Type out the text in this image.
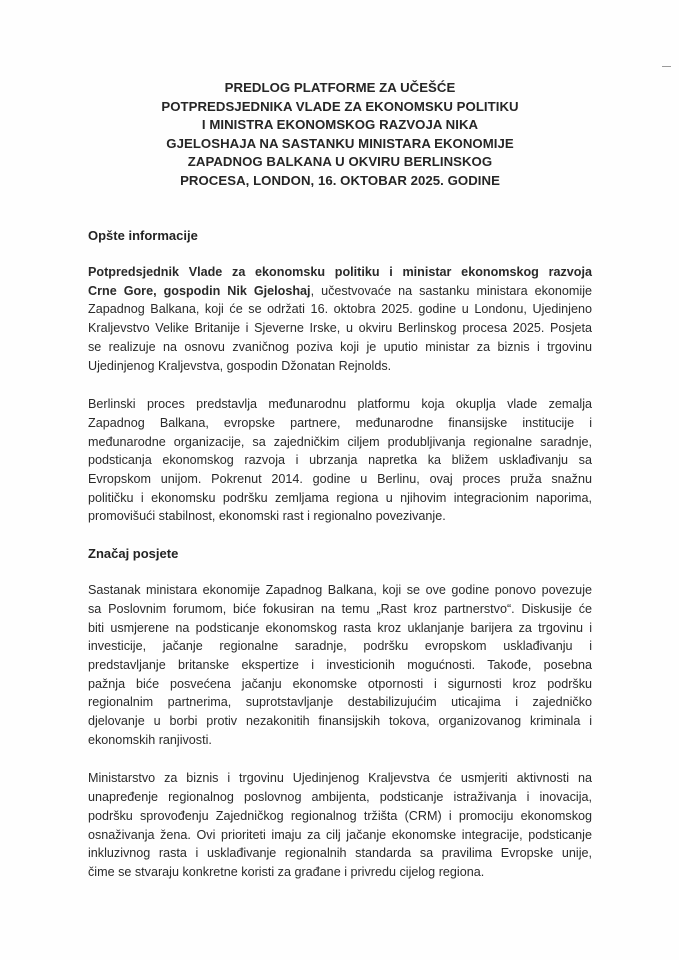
PREDLOG PLATFORME ZA UČEŠĆE
POTPREDSJEDNIKA VLADE ZA EKONOMSKU POLITIKU
I MINISTRA EKONOMSKOG RAZVOJA NIKA
GJELOSHAJA NA SASTANKU MINISTARA EKONOMIJE
ZAPADNOG BALKANA U OKVIRU BERLINSKOG
PROCESA, LONDON, 16. OKTOBAR 2025. GODINE
Opšte informacije

Potpredsjednik Vlade za ekonomsku politiku i ministar ekonomskog razvoja
Crne Gore, gospodin Nik Gjeloshaj, učestvovaće na sastanku ministara ekonomije
Zapadnog Balkana, koji će se održati 16. oktobra 2025. godine u Londonu, Ujedinjeno
Kraljevstvo Velike Britanije i Sjeverne Irske, u okviru Berlinskog procesa 2025. Posjeta
se realizuje na osnovu zvaničnog poziva koji je uputio ministar za biznis i trgovinu
Ujedinjenog Kraljevstva, gospodin Džonatan Rejnolds.

Berlinski proces predstavlja međunarodnu platformu koja okuplja vlade zemalja
Zapadnog Balkana, evropske partnere, međunarodne finansijske institucije i
međunarodne organizacije, sa zajedničkim ciljem produbljivanja regionalne saradnje,
podsticanja ekonomskog razvoja i ubrzanja napretka ka bližem usklađivanju sa
Evropskom unijom. Pokrenut 2014. godine u Berlinu, ovaj proces pruža snažnu
političku i ekonomsku podršku zemljama regiona u njihovim integracionim naporima,
promovišući stabilnost, ekonomski rast i regionalno povezivanje.

Značaj posjete

Sastanak ministara ekonomije Zapadnog Balkana, koji se ove godine ponovo povezuje
sa Poslovnim forumom, biće fokusiran na temu „Rast kroz partnerstvo“. Diskusije će
biti usmjerene na podsticanje ekonomskog rasta kroz uklanjanje barijera za trgovinu i
investicije, jačanje regionalne saradnje, podršku evropskom usklađivanju i
predstavljanje britanske ekspertize i investicionih mogućnosti. Takođe, posebna
pažnja biće posvećena jačanju ekonomske otpornosti i sigurnosti kroz podršku
regionalnim partnerima, suprotstavljanje destabilizujućim uticajima i zajedničko
djelovanje u borbi protiv nezakonitih finansijskih tokova, organizovanog kriminala i
ekonomskih ranjivosti.

Ministarstvo za biznis i trgovinu Ujedinjenog Kraljevstva će usmjeriti aktivnosti na
unapređenje regionalnog poslovnog ambijenta, podsticanje istraživanja i inovacija,
podršku sprovođenju Zajedničkog regionalnog tržišta (CRM) i promociju ekonomskog
osnaživanja žena. Ovi prioriteti imaju za cilj jačanje ekonomske integracije, podsticanje
inkluzivnog rasta i usklađivanje regionalnih standarda sa pravilima Evropske unije,
čime se stvaraju konkretne koristi za građane i privredu cijelog regiona.
